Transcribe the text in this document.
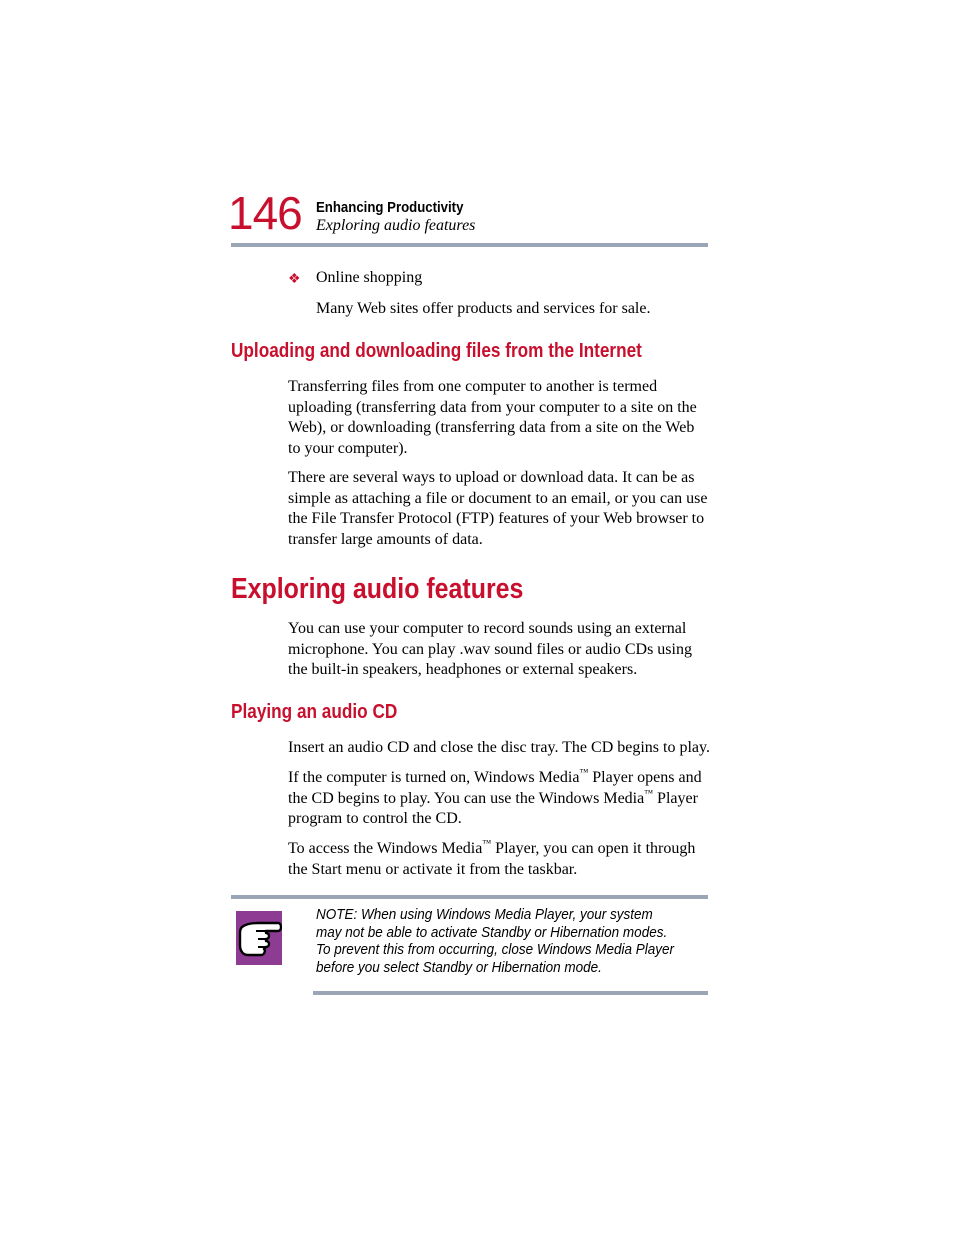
146 Enhancing Productivity
Exploring audio features
❖ Online shopping
Many Web sites offer products and services for sale.
Uploading and downloading files from the Internet
Transferring files from one computer to another is termed uploading (transferring data from your computer to a site on the Web), or downloading (transferring data from a site on the Web to your computer).
There are several ways to upload or download data. It can be as simple as attaching a file or document to an email, or you can use the File Transfer Protocol (FTP) features of your Web browser to transfer large amounts of data.
Exploring audio features
You can use your computer to record sounds using an external microphone. You can play .wav sound files or audio CDs using the built-in speakers, headphones or external speakers.
Playing an audio CD
Insert an audio CD and close the disc tray. The CD begins to play.
If the computer is turned on, Windows Media™ Player opens and the CD begins to play. You can use the Windows Media™ Player program to control the CD.
To access the Windows Media™ Player, you can open it through the Start menu or activate it from the taskbar.
NOTE: When using Windows Media Player, your system may not be able to activate Standby or Hibernation modes. To prevent this from occurring, close Windows Media Player before you select Standby or Hibernation mode.
